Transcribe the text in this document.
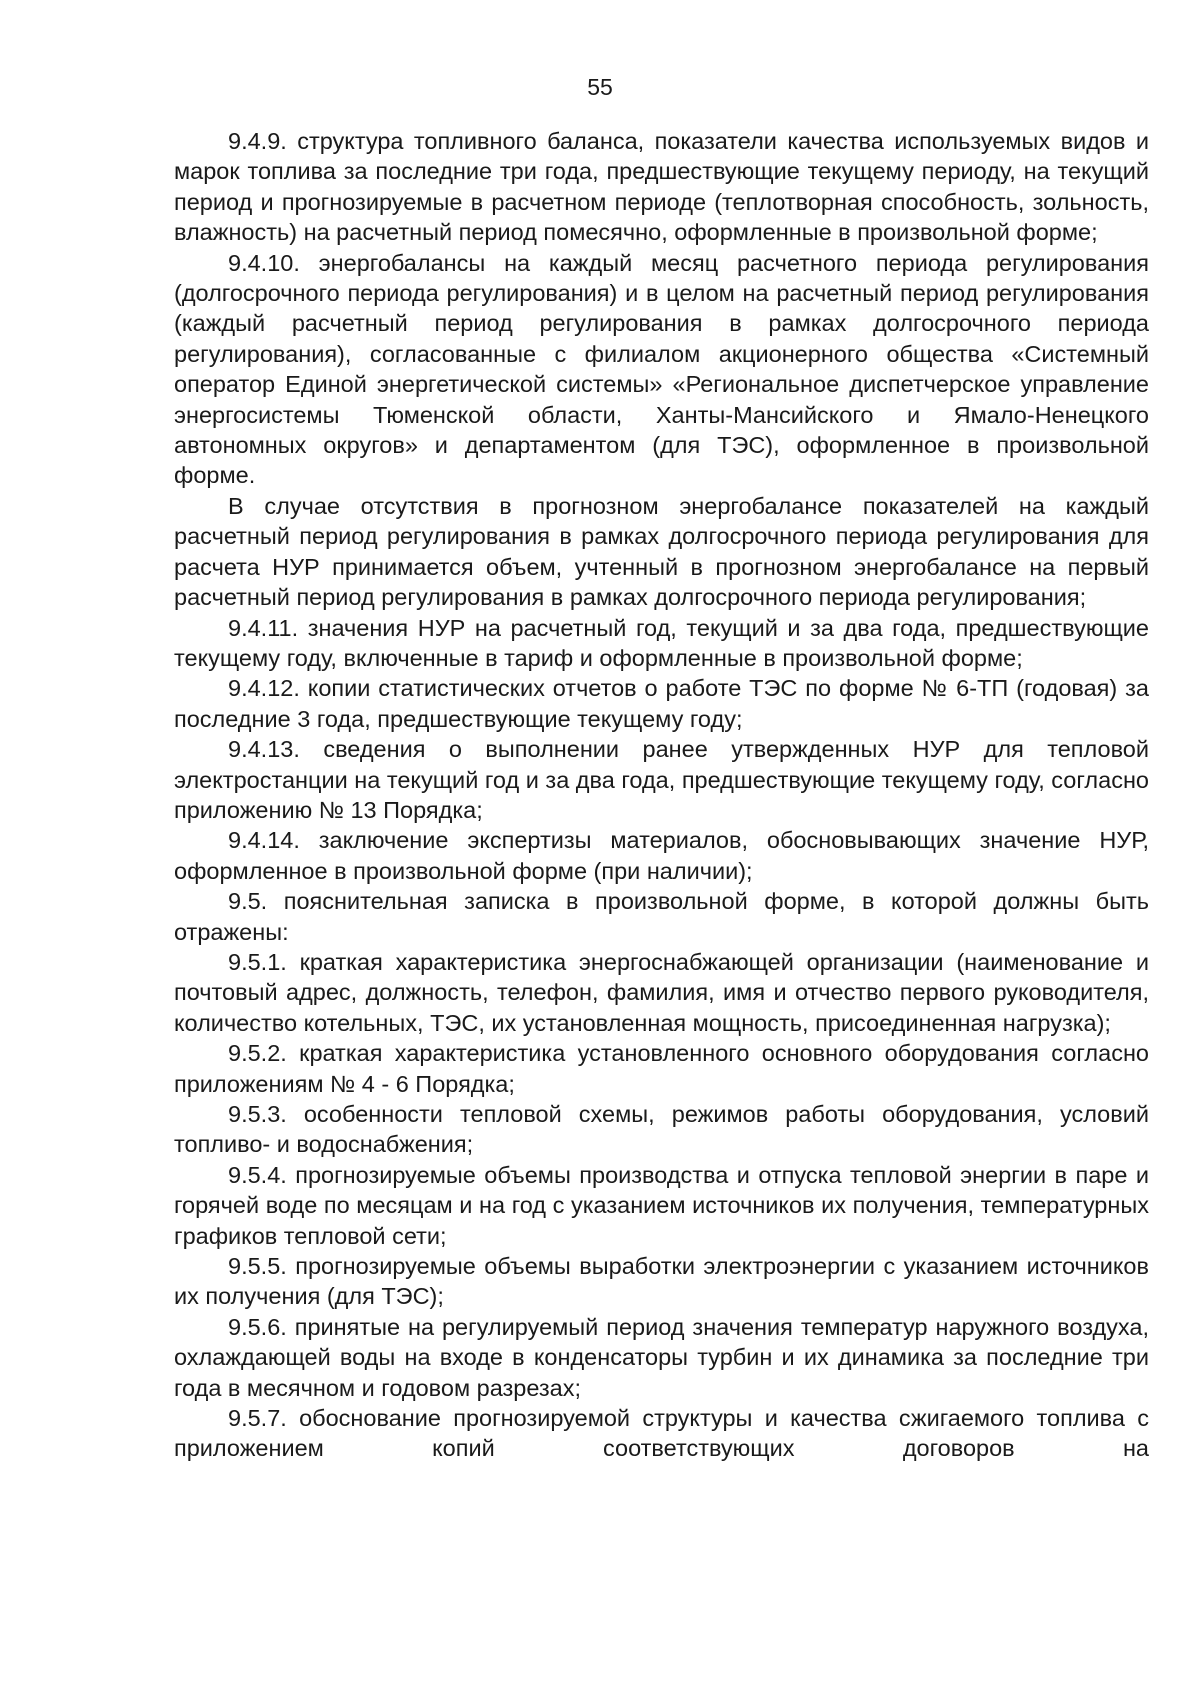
55

9.4.9. структура топливного баланса, показатели качества используемых видов и марок топлива за последние три года, предшествующие текущему периоду, на текущий период и прогнозируемые в расчетном периоде (теплотворная способность, зольность, влажность) на расчетный период помесячно, оформленные в произвольной форме;

9.4.10. энергобалансы на каждый месяц расчетного периода регулирования (долгосрочного периода регулирования) и в целом на расчетный период регулирования (каждый расчетный период регулирования в рамках долгосрочного периода регулирования), согласованные с филиалом акционерного общества «Системный оператор Единой энергетической системы» «Региональное диспетчерское управление энергосистемы Тюменской области, Ханты-Мансийского и Ямало-Ненецкого автономных округов» и департаментом (для ТЭС), оформленное в произвольной форме.

В случае отсутствия в прогнозном энергобалансе показателей на каждый расчетный период регулирования в рамках долгосрочного периода регулирования для расчета НУР принимается объем, учтенный в прогнозном энергобалансе на первый расчетный период регулирования в рамках долгосрочного периода регулирования;

9.4.11. значения НУР на расчетный год, текущий и за два года, предшествующие текущему году, включенные в тариф и оформленные в произвольной форме;

9.4.12. копии статистических отчетов о работе ТЭС по форме № 6-ТП (годовая) за последние 3 года, предшествующие текущему году;

9.4.13. сведения о выполнении ранее утвержденных НУР для тепловой электростанции на текущий год и за два года, предшествующие текущему году, согласно приложению № 13 Порядка;

9.4.14. заключение экспертизы материалов, обосновывающих значение НУР, оформленное в произвольной форме (при наличии);

9.5. пояснительная записка в произвольной форме, в которой должны быть отражены:

9.5.1. краткая характеристика энергоснабжающей организации (наименование и почтовый адрес, должность, телефон, фамилия, имя и отчество первого руководителя, количество котельных, ТЭС, их установленная мощность, присоединенная нагрузка);

9.5.2. краткая характеристика установленного основного оборудования согласно приложениям № 4 - 6 Порядка;

9.5.3. особенности тепловой схемы, режимов работы оборудования, условий топливо- и водоснабжения;

9.5.4. прогнозируемые объемы производства и отпуска тепловой энергии в паре и горячей воде по месяцам и на год с указанием источников их получения, температурных графиков тепловой сети;

9.5.5. прогнозируемые объемы выработки электроэнергии с указанием источников их получения (для ТЭС);

9.5.6. принятые на регулируемый период значения температур наружного воздуха, охлаждающей воды на входе в конденсаторы турбин и их динамика за последние три года в месячном и годовом разрезах;

9.5.7. обоснование прогнозируемой структуры и качества сжигаемого топлива с приложением копий соответствующих договоров на
